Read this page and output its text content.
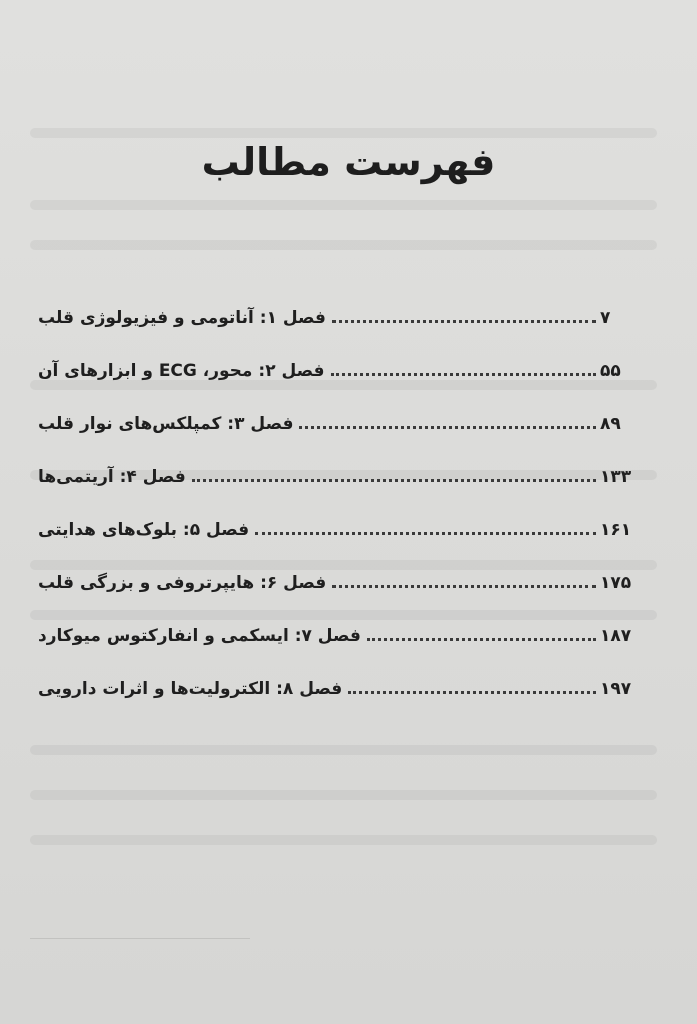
فهرست مطالب
فصل ۱: آناتومی و فیزیولوژی قلب	۷
فصل ۲: محور، ECG و ابزارهای آن	۵۵
فصل ۳: کمپلکس‌های نوار قلب	۸۹
فصل ۴: آریتمی‌ها	۱۳۳
فصل ۵: بلوک‌های هدایتی	۱۶۱
فصل ۶: هایپرتروفی و بزرگی قلب	۱۷۵
فصل ۷: ایسکمی و انفارکتوس میوکارد	۱۸۷
فصل ۸: الکترولیت‌ها و اثرات دارویی	۱۹۷
